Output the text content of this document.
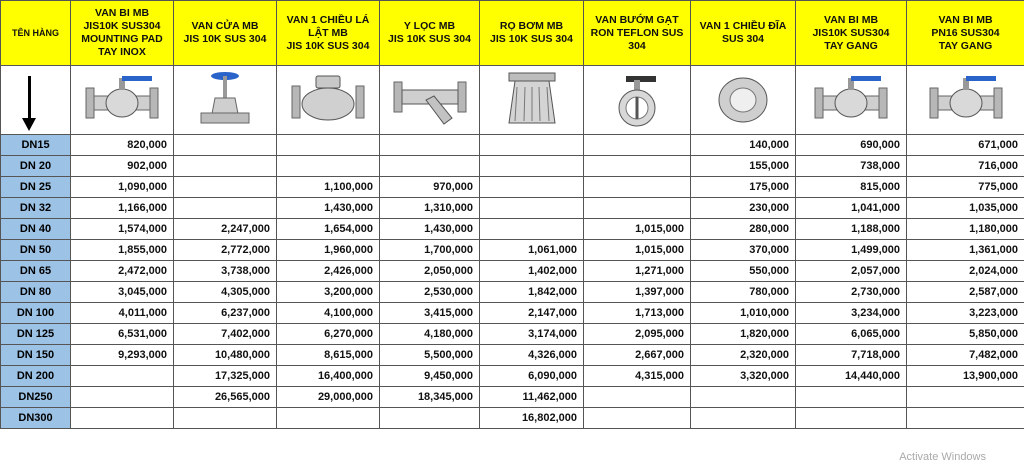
TÊN HÀNG	VAN BI MB
JIS10K SUS304
MOUNTING PAD
TAY INOX	VAN CỬA MB
JIS 10K SUS 304	VAN 1 CHIỀU LÁ
LẬT MB
JIS 10K SUS 304	Y LỌC MB
JIS 10K SUS 304	RỌ BƠM MB
JIS 10K SUS 304	VAN BƯỚM GẠT
RON TEFLON SUS
304	VAN 1 CHIỀU ĐĨA
SUS 304	VAN BI MB
JIS10K SUS304
TAY GANG	VAN BI MB
PN16 SUS304
TAY GANG

DN15	820,000						140,000	690,000	671,000
DN 20	902,000						155,000	738,000	716,000
DN 25	1,090,000		1,100,000	970,000			175,000	815,000	775,000
DN 32	1,166,000		1,430,000	1,310,000			230,000	1,041,000	1,035,000
DN 40	1,574,000	2,247,000	1,654,000	1,430,000		1,015,000	280,000	1,188,000	1,180,000
DN 50	1,855,000	2,772,000	1,960,000	1,700,000	1,061,000	1,015,000	370,000	1,499,000	1,361,000
DN 65	2,472,000	3,738,000	2,426,000	2,050,000	1,402,000	1,271,000	550,000	2,057,000	2,024,000
DN 80	3,045,000	4,305,000	3,200,000	2,530,000	1,842,000	1,397,000	780,000	2,730,000	2,587,000
DN 100	4,011,000	6,237,000	4,100,000	3,415,000	2,147,000	1,713,000	1,010,000	3,234,000	3,223,000
DN 125	6,531,000	7,402,000	6,270,000	4,180,000	3,174,000	2,095,000	1,820,000	6,065,000	5,850,000
DN 150	9,293,000	10,480,000	8,615,000	5,500,000	4,326,000	2,667,000	2,320,000	7,718,000	7,482,000
DN 200		17,325,000	16,400,000	9,450,000	6,090,000	4,315,000	3,320,000	14,440,000	13,900,000
DN250		26,565,000	29,000,000	18,345,000	11,462,000				
DN300					16,802,000				
Activate Windows
